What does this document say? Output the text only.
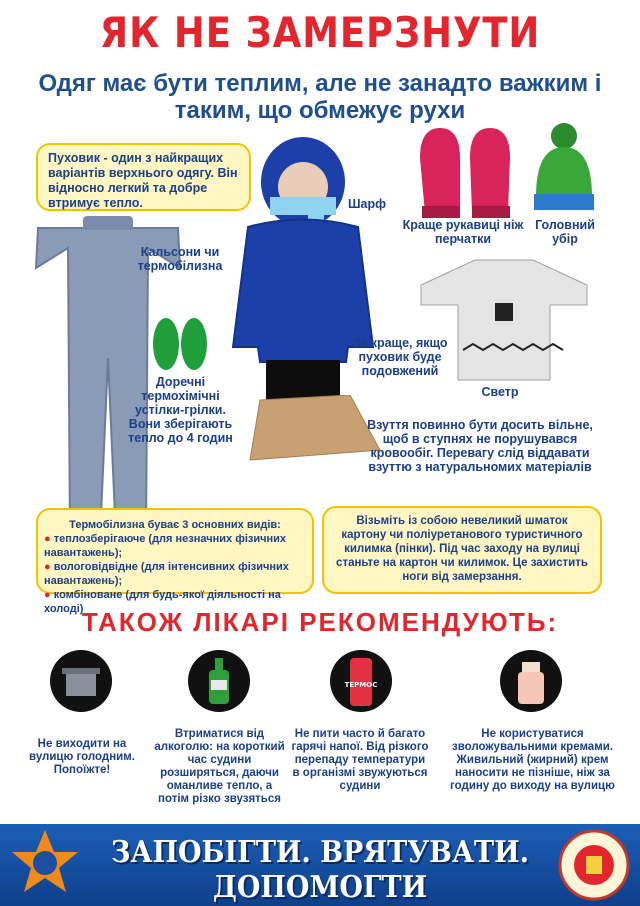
ЯК НЕ ЗАМЕРЗНУТИ
Одяг має бути теплим, але не занадто важким і таким, що обмежує рухи
Кальсони чи термобілизна
Пуховик - один з найкращих варіантів верхнього одягу. Він відносно легкий та добре втримує тепло.	Шарф
Краще рукавиці ніж перчатки
Головний убір
Светр
Доречні термохімічні устілки-грілки. Вони зберігають тепло до 4 годин
За краще, якщо пуховик буде подовжений
Взуття повинно бути досить вільне, щоб в ступнях не порушувався кровообіг. Перевагу слід віддавати взуттю з натуральномих матеріалів
Термобілизна буває 3 основних видів:
● теплозберігаюче (для незначних фізичних навантажень);
● вологовідвідне (для інтенсивних фізичних навантажень);
● комбіноване (для будь-якої діяльності на холоді)
Візьміть із собою невеликий шматок картону чи поліуретанового туристичного килимка (пінки). Під час заходу на вулиці станьте на картон чи килимок. Це захистить ноги від замерзання.
ТАКОЖ ЛІКАРІ РЕКОМЕНДУЮТЬ:
Не виходити на вулицю голодним. Попоїжте!
Втриматися від алкоголю: на короткий час судини розширяться, даючи оманливе тепло, а потім різко звузяться
ТЕРМОС
Не пити часто й багато гарячі напої. Від різкого перепаду температури в організмі звужуються судини
Не користуватися зволожувальними кремами. Живильний (жирний) крем наносити не пізніше, ніж за годину до виходу на вулицю
ЗАПОБІГТИ. ВРЯТУВАТИ. ДОПОМОГТИ
